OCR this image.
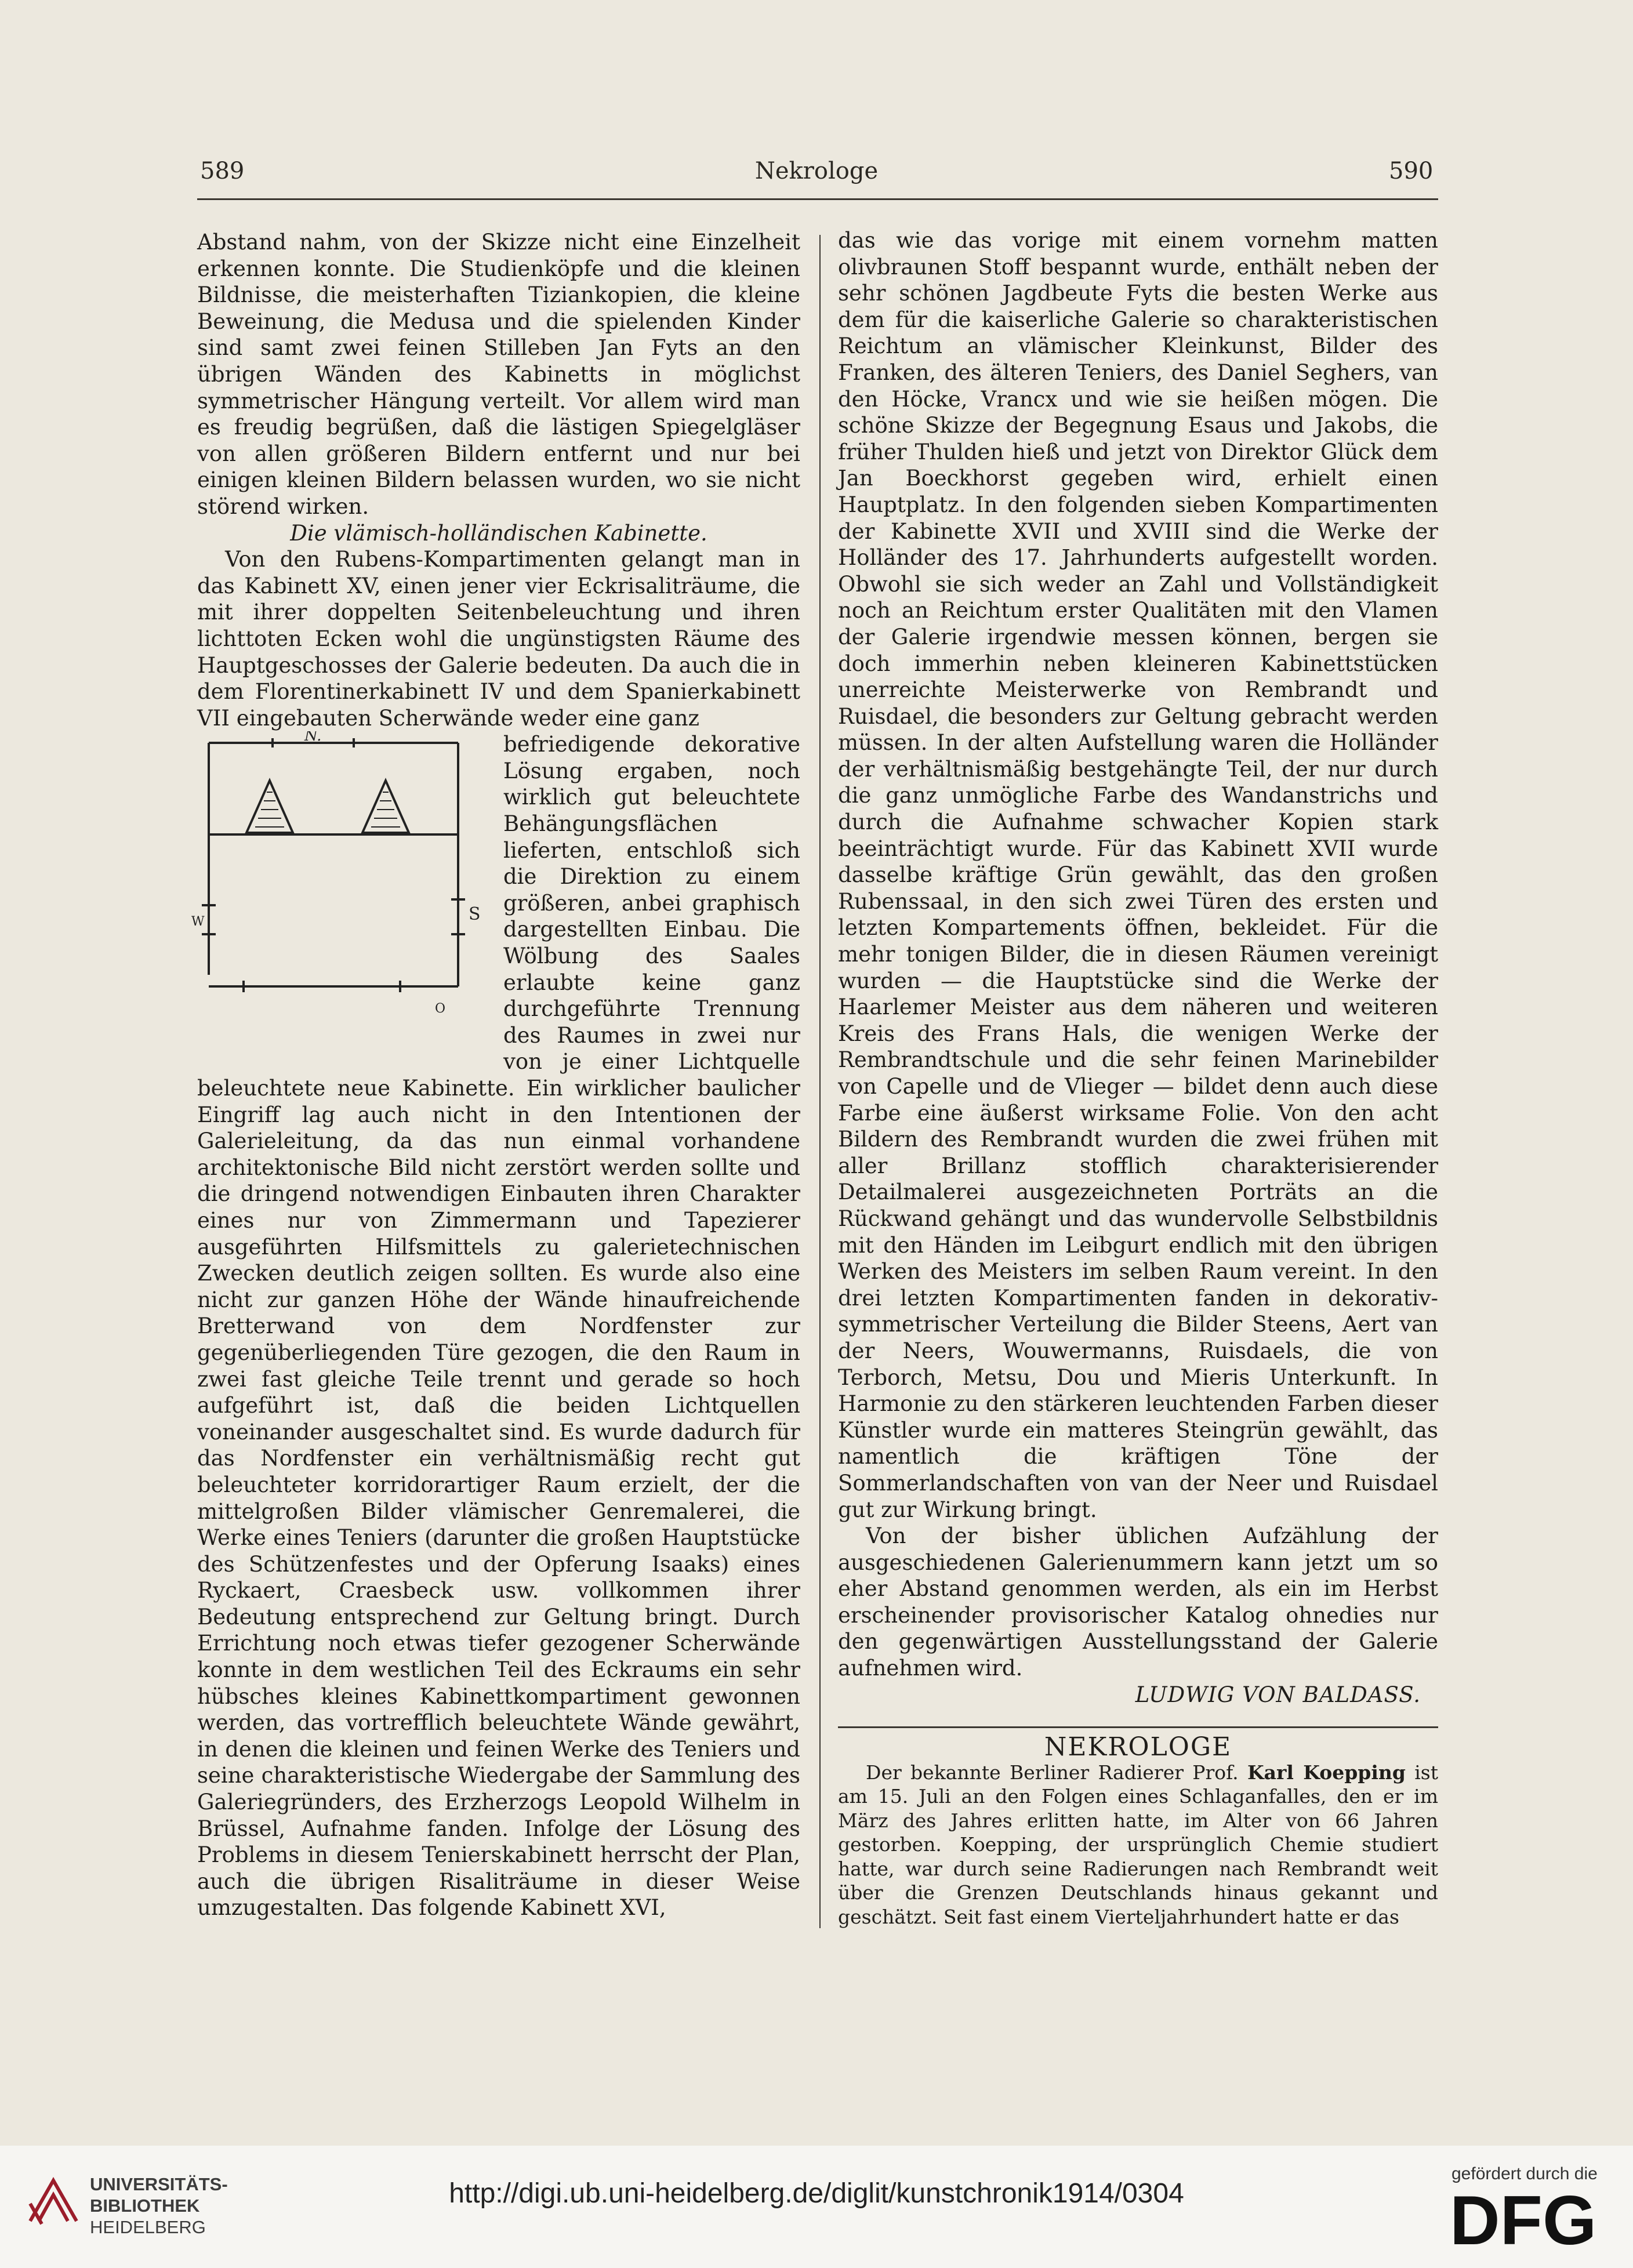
589	Nekrologe	590

Abstand nahm, von der Skizze nicht eine Einzelheit erkennen konnte. Die Studienköpfe und die kleinen Bildnisse, die meisterhaften Tiziankopien, die kleine Beweinung, die Medusa und die spielenden Kinder sind samt zwei feinen Stilleben Jan Fyts an den übrigen Wänden des Kabinetts in möglichst symmetrischer Hängung verteilt. Vor allem wird man es freudig begrüßen, daß die lästigen Spiegelgläser von allen größeren Bildern entfernt und nur bei einigen kleinen Bildern belassen wurden, wo sie nicht störend wirken.

Die vlämisch-holländischen Kabinette.

Von den Rubens-Kompartimenten gelangt man in das Kabinett XV, einen jener vier Eckrisaliträume, die mit ihrer doppelten Seitenbeleuchtung und ihren lichttoten Ecken wohl die ungünstigsten Räume des Hauptgeschosses der Galerie bedeuten. Da auch die in dem Florentinerkabinett IV und dem Spanierkabinett VII eingebauten Scherwände weder eine ganz

N.
S
W
O

befriedigende dekorative Lösung ergaben, noch wirklich gut beleuchtete Behängungsflächen lieferten, entschloß sich die Direktion zu einem größeren, anbei graphisch dargestellten Einbau. Die Wölbung des Saales erlaubte keine ganz durchgeführte Trennung des Raumes in zwei nur von je einer Lichtquelle beleuchtete neue Kabinette. Ein wirklicher baulicher Eingriff lag auch nicht in den Intentionen der Galerieleitung, da das nun einmal vorhandene architektonische Bild nicht zerstört werden sollte und die dringend notwendigen Einbauten ihren Charakter eines nur von Zimmermann und Tapezierer ausgeführten Hilfsmittels zu galerietechnischen Zwecken deutlich zeigen sollten. Es wurde also eine nicht zur ganzen Höhe der Wände hinaufreichende Bretterwand von dem Nordfenster zur gegenüberliegenden Türe gezogen, die den Raum in zwei fast gleiche Teile trennt und gerade so hoch aufgeführt ist, daß die beiden Lichtquellen voneinander ausgeschaltet sind. Es wurde dadurch für das Nordfenster ein verhältnismäßig recht gut beleuchteter korridorartiger Raum erzielt, der die mittelgroßen Bilder vlämischer Genremalerei, die Werke eines Teniers (darunter die großen Hauptstücke des Schützenfestes und der Opferung Isaaks) eines Ryckaert, Craesbeck usw. vollkommen ihrer Bedeutung entsprechend zur Geltung bringt. Durch Errichtung noch etwas tiefer gezogener Scherwände konnte in dem westlichen Teil des Eckraums ein sehr hübsches kleines Kabinettkompartiment gewonnen werden, das vortrefflich beleuchtete Wände gewährt, in denen die kleinen und feinen Werke des Teniers und seine charakteristische Wiedergabe der Sammlung des Galeriegründers, des Erzherzogs Leopold Wilhelm in Brüssel, Aufnahme fanden. Infolge der Lösung des Problems in diesem Tenierskabinett herrscht der Plan, auch die übrigen Risaliträume in dieser Weise umzugestalten. Das folgende Kabinett XVI,

das wie das vorige mit einem vornehm matten olivbraunen Stoff bespannt wurde, enthält neben der sehr schönen Jagdbeute Fyts die besten Werke aus dem für die kaiserliche Galerie so charakteristischen Reichtum an vlämischer Kleinkunst, Bilder des Franken, des älteren Teniers, des Daniel Seghers, van den Höcke, Vrancx und wie sie heißen mögen. Die schöne Skizze der Begegnung Esaus und Jakobs, die früher Thulden hieß und jetzt von Direktor Glück dem Jan Boeckhorst gegeben wird, erhielt einen Hauptplatz. In den folgenden sieben Kompartimenten der Kabinette XVII und XVIII sind die Werke der Holländer des 17. Jahrhunderts aufgestellt worden. Obwohl sie sich weder an Zahl und Vollständigkeit noch an Reichtum erster Qualitäten mit den Vlamen der Galerie irgendwie messen können, bergen sie doch immerhin neben kleineren Kabinettstücken unerreichte Meisterwerke von Rembrandt und Ruisdael, die besonders zur Geltung gebracht werden müssen. In der alten Aufstellung waren die Holländer der verhältnismäßig bestgehängte Teil, der nur durch die ganz unmögliche Farbe des Wandanstrichs und durch die Aufnahme schwacher Kopien stark beeinträchtigt wurde. Für das Kabinett XVII wurde dasselbe kräftige Grün gewählt, das den großen Rubenssaal, in den sich zwei Türen des ersten und letzten Kompartements öffnen, bekleidet. Für die mehr tonigen Bilder, die in diesen Räumen vereinigt wurden — die Hauptstücke sind die Werke der Haarlemer Meister aus dem näheren und weiteren Kreis des Frans Hals, die wenigen Werke der Rembrandtschule und die sehr feinen Marinebilder von Capelle und de Vlieger — bildet denn auch diese Farbe eine äußerst wirksame Folie. Von den acht Bildern des Rembrandt wurden die zwei frühen mit aller Brillanz stofflich charakterisierender Detailmalerei ausgezeichneten Porträts an die Rückwand gehängt und das wundervolle Selbstbildnis mit den Händen im Leibgurt endlich mit den übrigen Werken des Meisters im selben Raum vereint. In den drei letzten Kompartimenten fanden in dekorativ-symmetrischer Verteilung die Bilder Steens, Aert van der Neers, Wouwermanns, Ruisdaels, die von Terborch, Metsu, Dou und Mieris Unterkunft. In Harmonie zu den stärkeren leuchtenden Farben dieser Künstler wurde ein matteres Steingrün gewählt, das namentlich die kräftigen Töne der Sommerlandschaften von van der Neer und Ruisdael gut zur Wirkung bringt.

Von der bisher üblichen Aufzählung der ausgeschiedenen Galerienummern kann jetzt um so eher Abstand genommen werden, als ein im Herbst erscheinender provisorischer Katalog ohnedies nur den gegenwärtigen Ausstellungsstand der Galerie aufnehmen wird.

LUDWIG VON BALDASS.

NEKROLOGE

Der bekannte Berliner Radierer Prof. Karl Koepping ist am 15. Juli an den Folgen eines Schlaganfalles, den er im März des Jahres erlitten hatte, im Alter von 66 Jahren gestorben. Koepping, der ursprünglich Chemie studiert hatte, war durch seine Radierungen nach Rembrandt weit über die Grenzen Deutschlands hinaus gekannt und geschätzt. Seit fast einem Vierteljahrhundert hatte er das

UNIVERSITÄTS-
BIBLIOTHEK
HEIDELBERG
http://digi.ub.uni-heidelberg.de/diglit/kunstchronik1914/0304
gefördert durch die
DFG
